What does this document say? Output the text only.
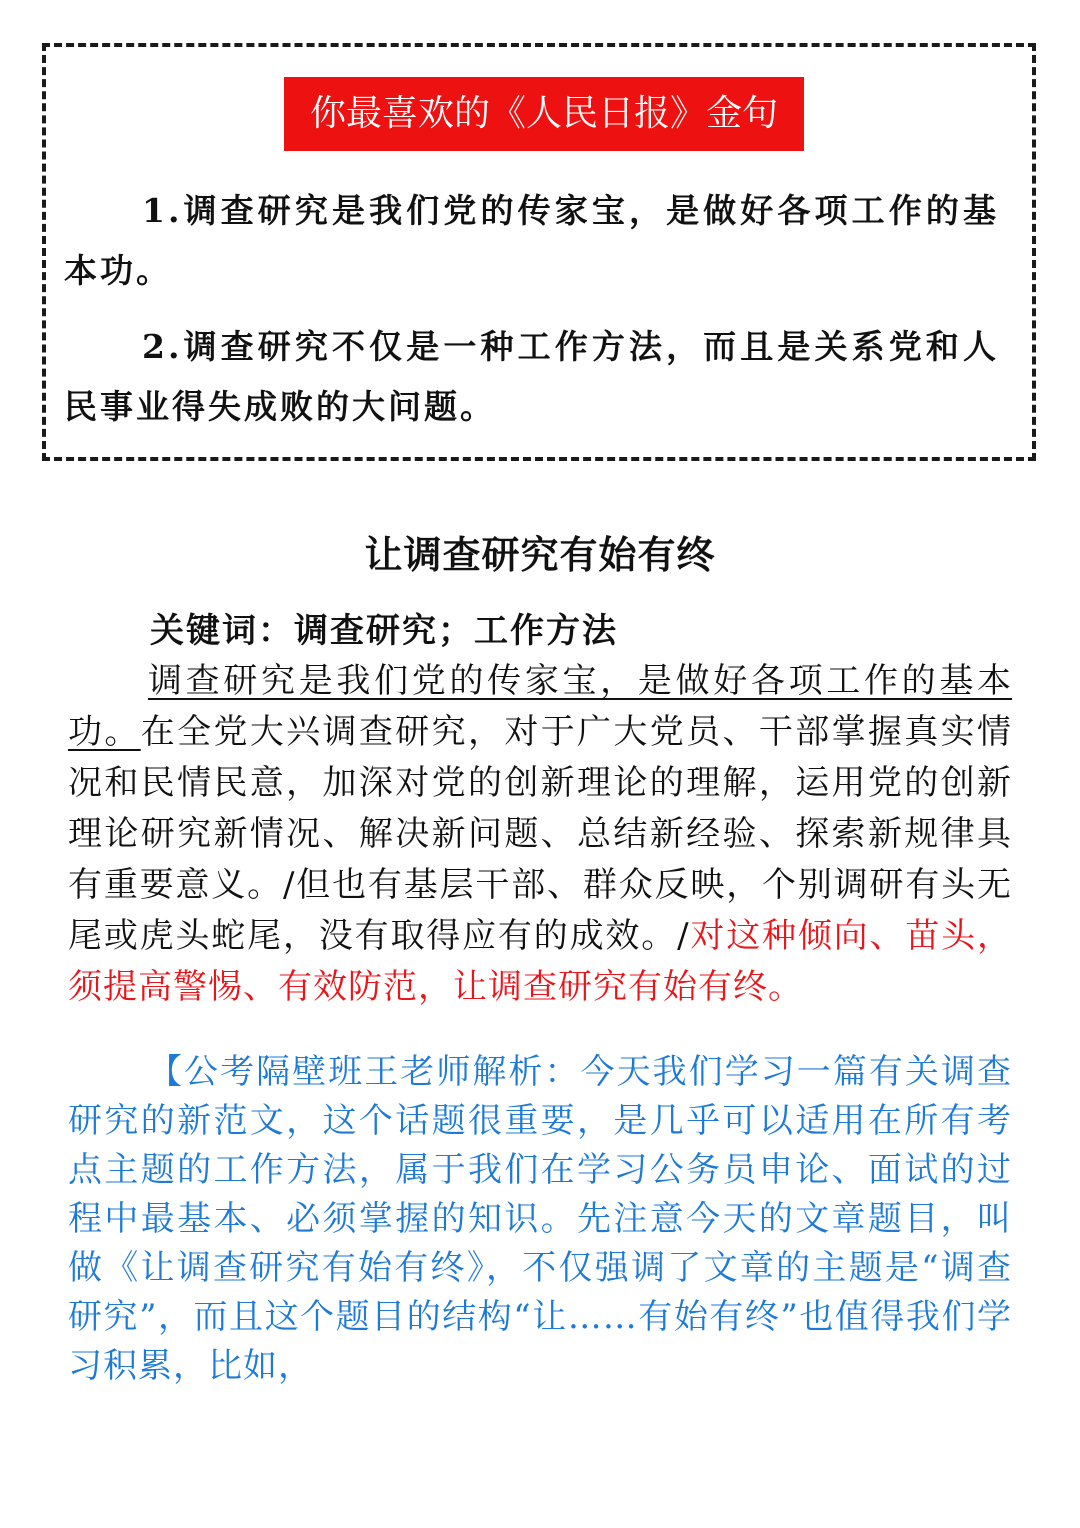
你最喜欢的《人民日报》金句
1.调查研究是我们党的传家宝，是做好各项工作的基本功。
2.调查研究不仅是一种工作方法，而且是关系党和人民事业得失成败的大问题。
让调查研究有始有终
关键词：调查研究；工作方法
调查研究是我们党的传家宝，是做好各项工作的基本功。在全党大兴调查研究，对于广大党员、干部掌握真实情况和民情民意，加深对党的创新理论的理解，运用党的创新理论研究新情况、解决新问题、总结新经验、探索新规律具有重要意义。/但也有基层干部、群众反映，个别调研有头无尾或虎头蛇尾，没有取得应有的成效。/对这种倾向、苗头，须提高警惕、有效防范，让调查研究有始有终。
【公考隔壁班王老师解析：今天我们学习一篇有关调查研究的新范文，这个话题很重要，是几乎可以适用在所有考点主题的工作方法，属于我们在学习公务员申论、面试的过程中最基本、必须掌握的知识。先注意今天的文章题目，叫做《让调查研究有始有终》，不仅强调了文章的主题是“调查研究”，而且这个题目的结构“让……有始有终”也值得我们学习积累，比如，
